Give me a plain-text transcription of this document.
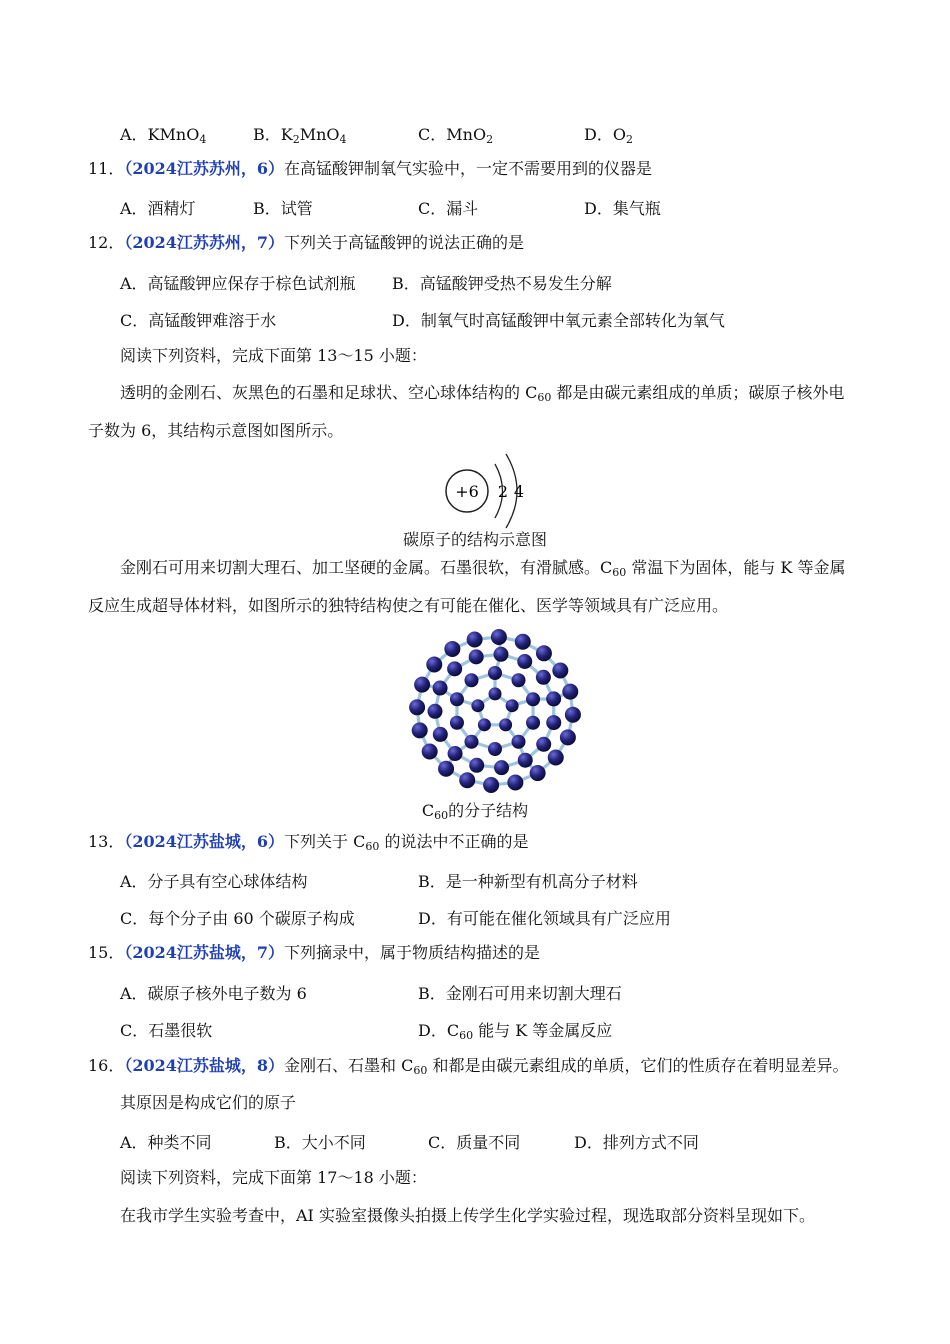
A．KMnO$_4$	B．$K_2MnO_4$	C．MnO$_2$	D．$O_2$
11．（2024江苏苏州，6）在高锰酸钾制氧气实验中，一定不需要用到的仪器是
A．酒精灯	B．试管	C．漏斗	D．集气瓶
12．（2024江苏苏州，7）下列关于高锰酸钾的说法正确的是
A．高锰酸钾应保存于棕色试剂瓶 B．高锰酸钾受热不易发生分解
C．高锰酸钾难溶于水	D．制氧气时高锰酸钾中氧元素全部转化为氧气
阅读下列资料，完成下面第 13～15 小题：
透明的金刚石、灰黑色的石墨和足球状、空心球体结构的 $C_{60}$ 都是由碳元素组成的单质；碳原子核外电
子数为 6，其结构示意图如图所示。
+6 2 4
碳原子的结构示意图
金刚石可用来切割大理石、加工坚硬的金属。石墨很软，有滑腻感。$C_{60}$ 常温下为固体，能与 K 等金属
反应生成超导体材料，如图所示的独特结构使之有可能在催化、医学等领域具有广泛应用。
$C_{60}$的分子结构
13．（2024江苏盐城，6）下列关于 $C_{60}$ 的说法中不正确的是
A．分子具有空心球体结构	B．是一种新型有机高分子材料
C．每个分子由 60 个碳原子构成	D．有可能在催化领域具有广泛应用
15．（2024江苏盐城，7）下列摘录中，属于物质结构描述的是
A．碳原子核外电子数为 6	B．金刚石可用来切割大理石
C．石墨很软	D．$C_{60}$ 能与 K 等金属反应
16．（2024江苏盐城，8）金刚石、石墨和 $C_{60}$ 和都是由碳元素组成的单质，它们的性质存在着明显差异。
其原因是构成它们的原子
A．种类不同	B．大小不同	C．质量不同	D．排列方式不同
阅读下列资料，完成下面第 17～18 小题：
在我市学生实验考查中，AI 实验室摄像头拍摄上传学生化学实验过程，现选取部分资料呈现如下。
